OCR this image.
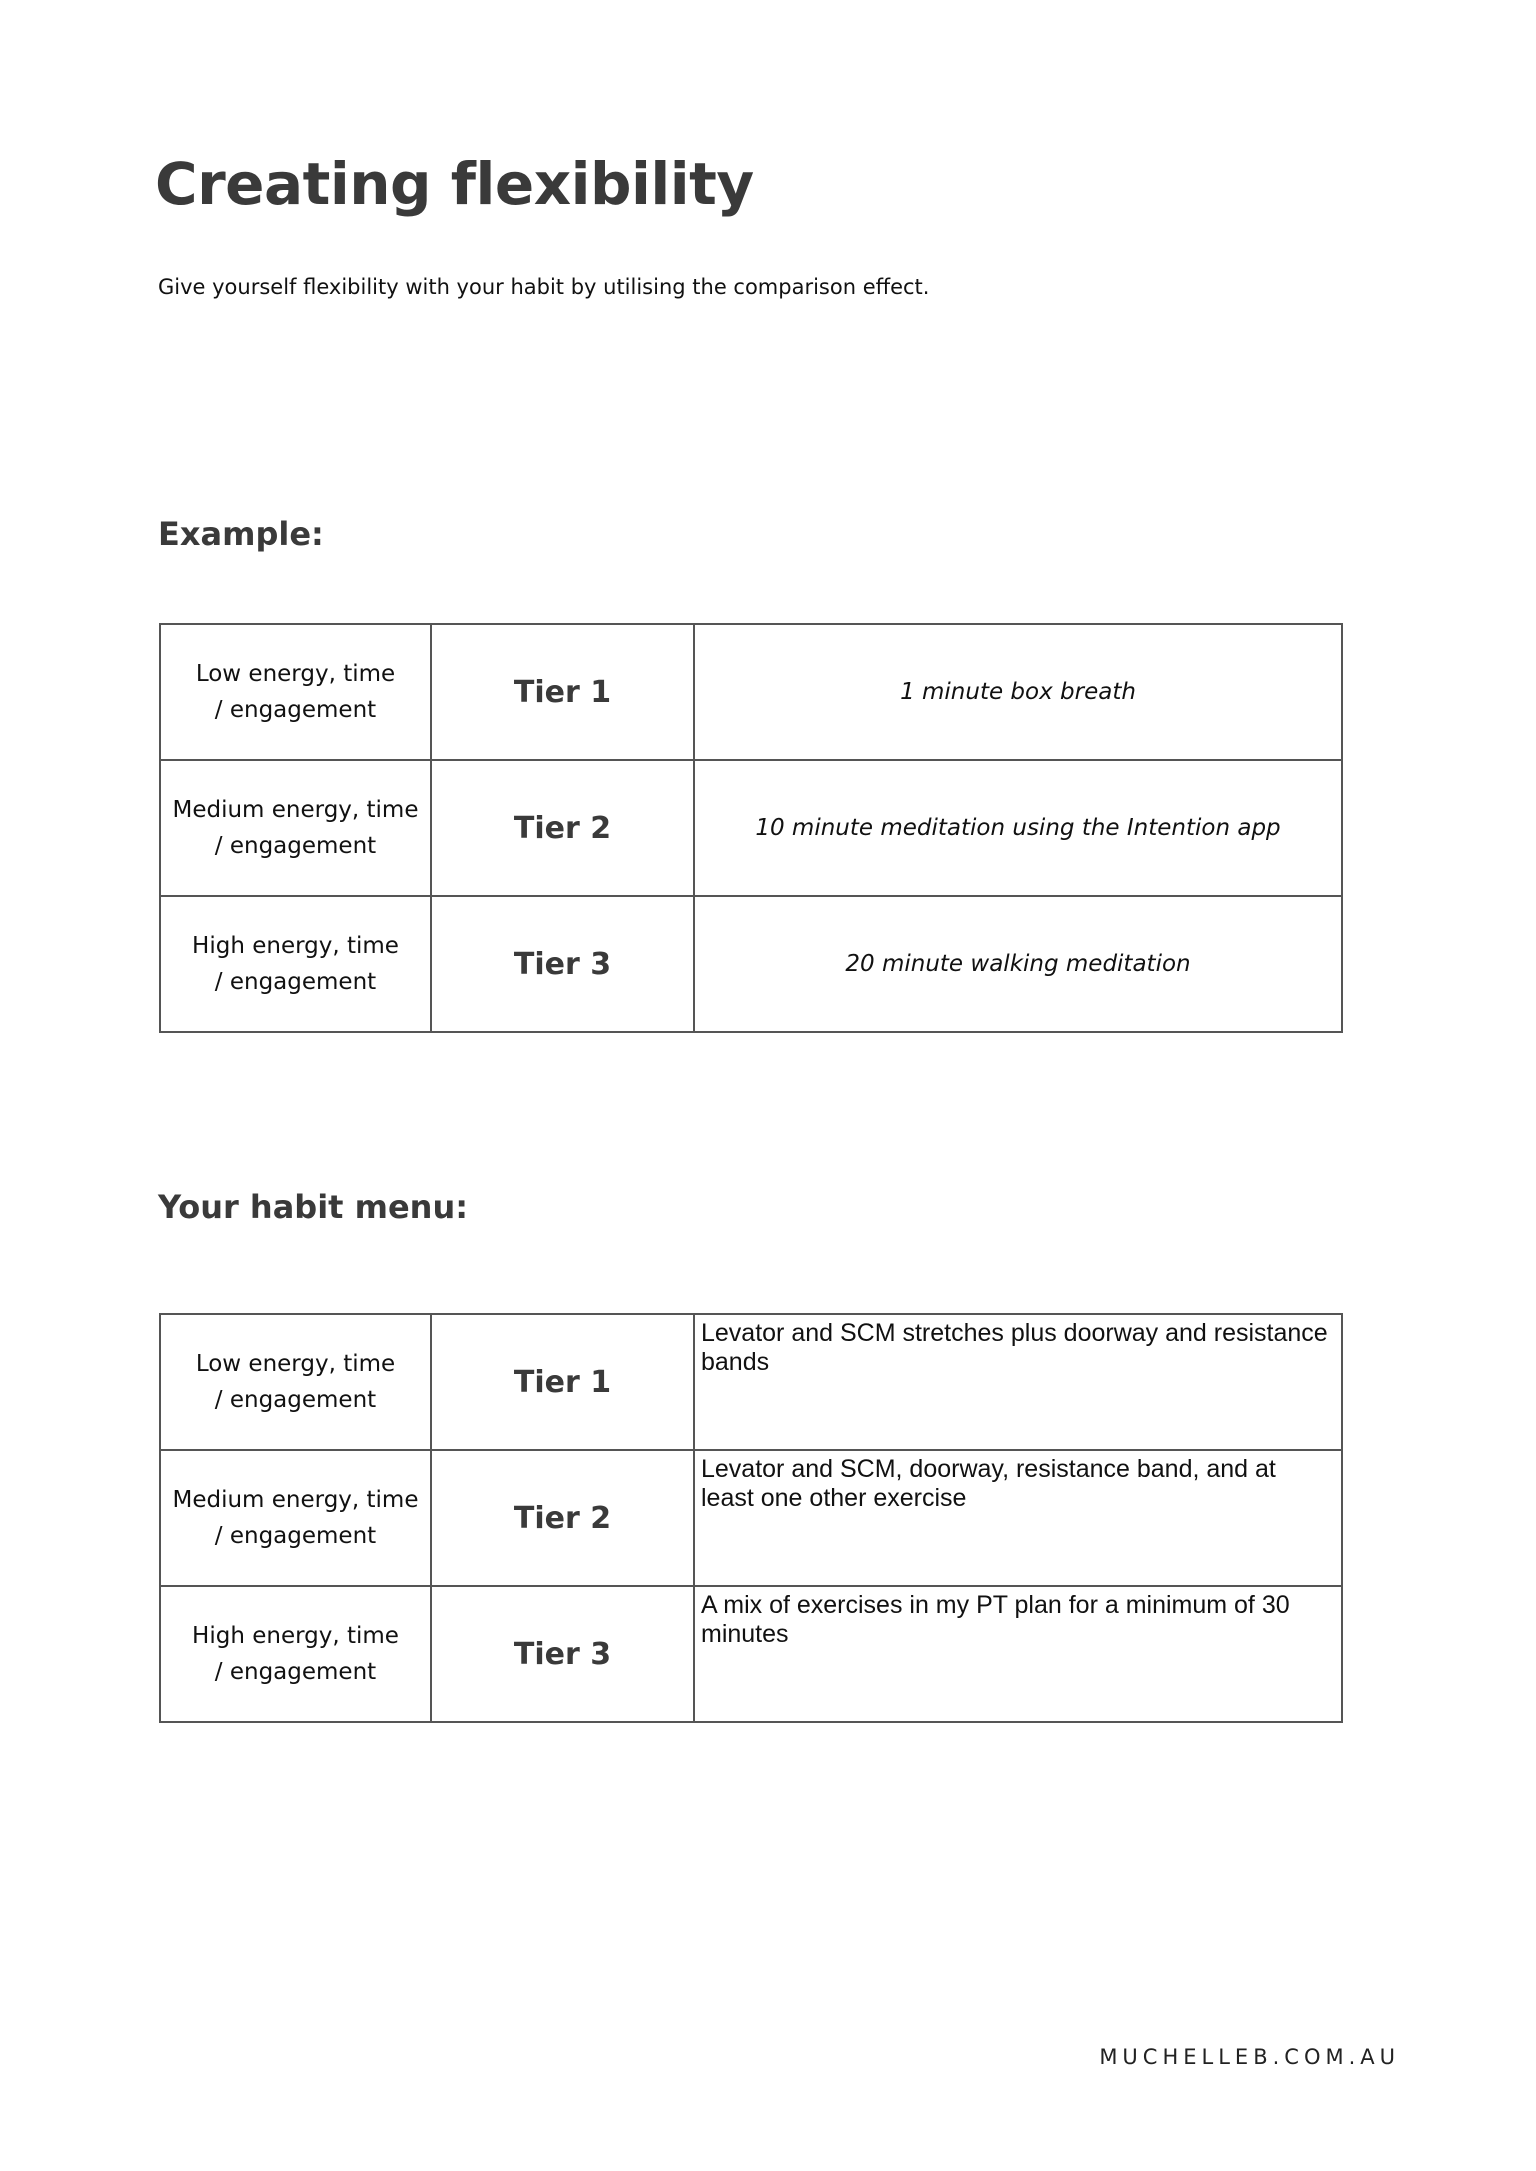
Creating flexibility

Give yourself flexibility with your habit by utilising the comparison effect.

Example:
Low energy, time
/ engagement	Tier 1	1 minute box breath
Medium energy, time
/ engagement	Tier 2	10 minute meditation using the Intention app
High energy, time
/ engagement	Tier 3	20 minute walking meditation
Your habit menu:
Low energy, time
/ engagement	Tier 1	Levator and SCM stretches plus doorway and resistance bands
Medium energy, time
/ engagement	Tier 2	Levator and SCM, doorway, resistance band, and at least one other exercise
High energy, time
/ engagement	Tier 3	A mix of exercises in my PT plan for a minimum of 30 minutes

MUCHELLEB.COM.AU
